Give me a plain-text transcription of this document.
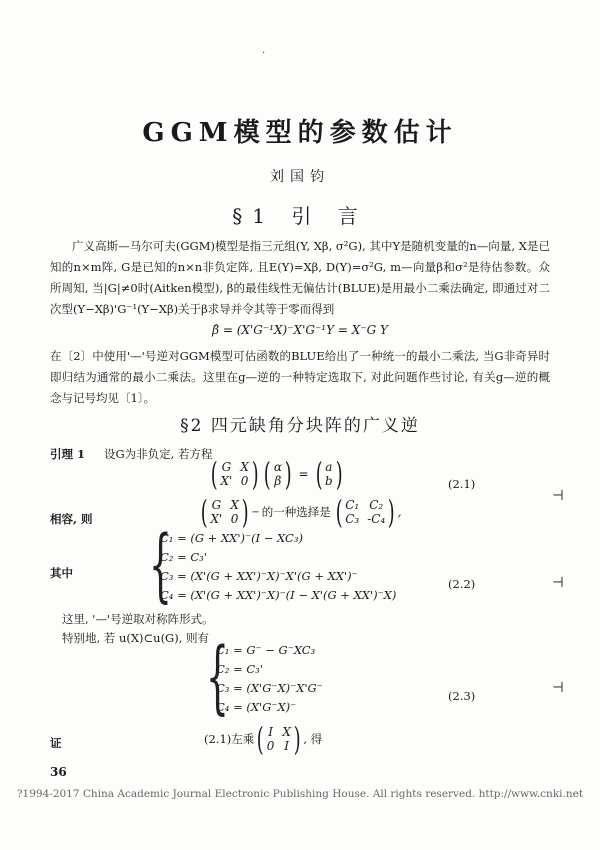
GGM模型的参数估计
刘国钧
§1 引 言

广义高斯—马尔可夫(GGM)模型是指三元组(Y, Xβ, σ²G), 其中Y是随机变量的n—向量, X是已知的n×m阵, G是已知的n×n非负定阵, 且E(Y)=Xβ, D(Y)=σ²G, m—向量β和σ²是待估参数。众所周知, 当|G|≠0时(Aitken模型), β的最佳线性无偏估计(BLUE)是用最小二乘法确定, 即通过对二次型(Y−Xβ)'G⁻¹(Y−Xβ)关于β求导并令其等于零而得到

β̂ = (X'G⁻¹X)⁻X'G⁻¹Y = X⁻G Y

在〔2〕中使用'—'号逆对GGM模型可估函数的BLUE给出了一种统一的最小二乘法, 当G非奇异时即归结为通常的最小二乘法。这里在g—逆的一种特定选取下, 对此问题作些讨论, 有关g—逆的概念与记号均见〔1〕。

§2 四元缺角分块阵的广义逆
引理 1 设G为非负定, 若方程
( G
X'
X
0 ) ( α
β ) = ( a
b )	(2.1)
相容, 则	( G
X'
X
0 ) − 的一种选择是 ( C₁
C₃
C₂
-C₄ ) ,
其中 {
C₁ = (G + XX')⁻(I − XC₃)
C₂ = C₃'
C₃ = (X'(G + XX')⁻X)⁻X'(G + XX')⁻
C₄ = (X'(G + XX')⁻X)⁻(I − X'(G + XX')⁻X)
(2.2)
这里, '—'号逆取对称阵形式。
特别地, 若 u(X)⊂u(G), 则有
{
C₁ = G⁻ − G⁻XC₃
C₂ = C₃'
C₃ = (X'G⁻X)⁻X'G⁻
C₄ = (X'G⁻X)⁻
(2.3)
证	(2.1)左乘 ( I
0
X
I ) , 得
36
?1994-2017 China Academic Journal Electronic Publishing House. All rights reserved. http://www.cnki.net
·
⊣
⊣
⊣
